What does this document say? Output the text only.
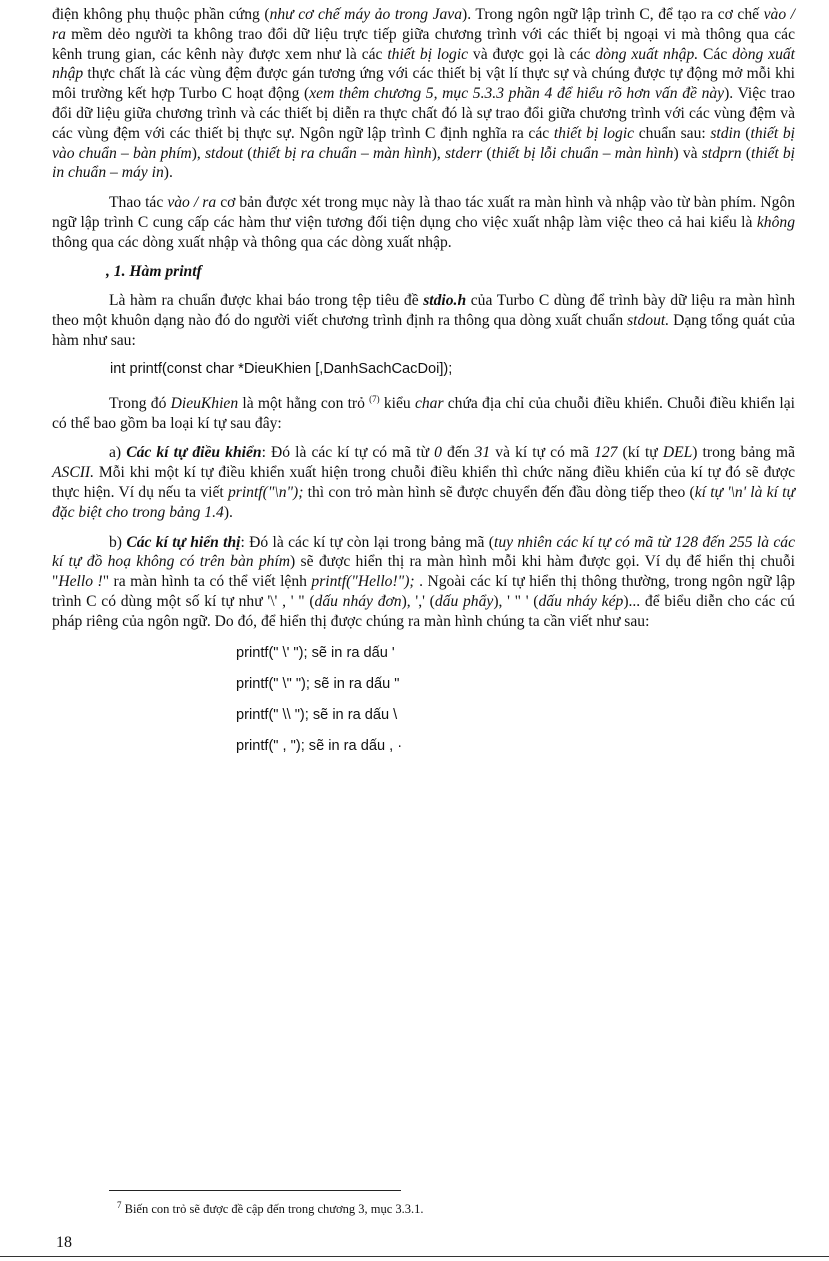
điện không phụ thuộc phần cứng (như cơ chế máy ảo trong Java). Trong ngôn ngữ lập trình C, để tạo ra cơ chế vào / ra mềm dẻo người ta không trao đổi dữ liệu trực tiếp giữa chương trình với các thiết bị ngoại vi mà thông qua các kênh trung gian, các kênh này được xem như là các thiết bị logic và được gọi là các dòng xuất nhập. Các dòng xuất nhập thực chất là các vùng đệm được gán tương ứng với các thiết bị vật lí thực sự và chúng được tự động mở mỗi khi môi trường kết hợp Turbo C hoạt động (xem thêm chương 5, mục 5.3.3 phần 4 để hiểu rõ hơn vấn đề này). Việc trao đổi dữ liệu giữa chương trình và các thiết bị diễn ra thực chất đó là sự trao đổi giữa chương trình với các vùng đệm và các vùng đệm với các thiết bị thực sự. Ngôn ngữ lập trình C định nghĩa ra các thiết bị logic chuẩn sau: stdin (thiết bị vào chuẩn – bàn phím), stdout (thiết bị ra chuẩn – màn hình), stderr (thiết bị lỗi chuẩn – màn hình) và stdprn (thiết bị in chuẩn – máy in).

Thao tác vào / ra cơ bản được xét trong mục này là thao tác xuất ra màn hình và nhập vào từ bàn phím. Ngôn ngữ lập trình C cung cấp các hàm thư viện tương đối tiện dụng cho việc xuất nhập làm việc theo cả hai kiểu là không thông qua các dòng xuất nhập và thông qua các dòng xuất nhập.

, 1. Hàm printf

Là hàm ra chuẩn được khai báo trong tệp tiêu đề stdio.h của Turbo C dùng để trình bày dữ liệu ra màn hình theo một khuôn dạng nào đó do người viết chương trình định ra thông qua dòng xuất chuẩn stdout. Dạng tổng quát của hàm như sau:

int printf(const char *DieuKhien [,DanhSachCacDoi]);

Trong đó DieuKhien là một hằng con trỏ $^{(7)}$ kiểu char chứa địa chỉ của chuỗi điều khiển. Chuỗi điều khiển lại có thể bao gồm ba loại kí tự sau đây:

a) Các kí tự điều khiển: Đó là các kí tự có mã từ 0 đến 31 và kí tự có mã 127 (kí tự DEL) trong bảng mã ASCII. Mỗi khi một kí tự điều khiển xuất hiện trong chuỗi điều khiển thì chức năng điều khiển của kí tự đó sẽ được thực hiện. Ví dụ nếu ta viết printf("\n"); thì con trỏ màn hình sẽ được chuyển đến đầu dòng tiếp theo (kí tự '\n' là kí tự đặc biệt cho trong bảng 1.4).

b) Các kí tự hiển thị: Đó là các kí tự còn lại trong bảng mã (tuy nhiên các kí tự có mã từ 128 đến 255 là các kí tự đồ hoạ không có trên bàn phím) sẽ được hiển thị ra màn hình mỗi khi hàm được gọi. Ví dụ để hiển thị chuỗi "Hello !" ra màn hình ta có thể viết lệnh printf("Hello!"); . Ngoài các kí tự hiển thị thông thường, trong ngôn ngữ lập trình C có dùng một số kí tự như '\' , ' " (dấu nháy đơn), ',' (dấu phẩy), ' " ' (dấu nháy kép)... để biểu diễn cho các cú pháp riêng của ngôn ngữ. Do đó, để hiển thị được chúng ra màn hình chúng ta cần viết như sau:

printf(" \' "); sẽ in ra dấu '
printf(" \" "); sẽ in ra dấu "
printf(" \\ "); sẽ in ra dấu \
printf(" , "); sẽ in ra dấu , ·
$^7$ Biến con trỏ sẽ được đề cập đến trong chương 3, mục 3.3.1.
18
